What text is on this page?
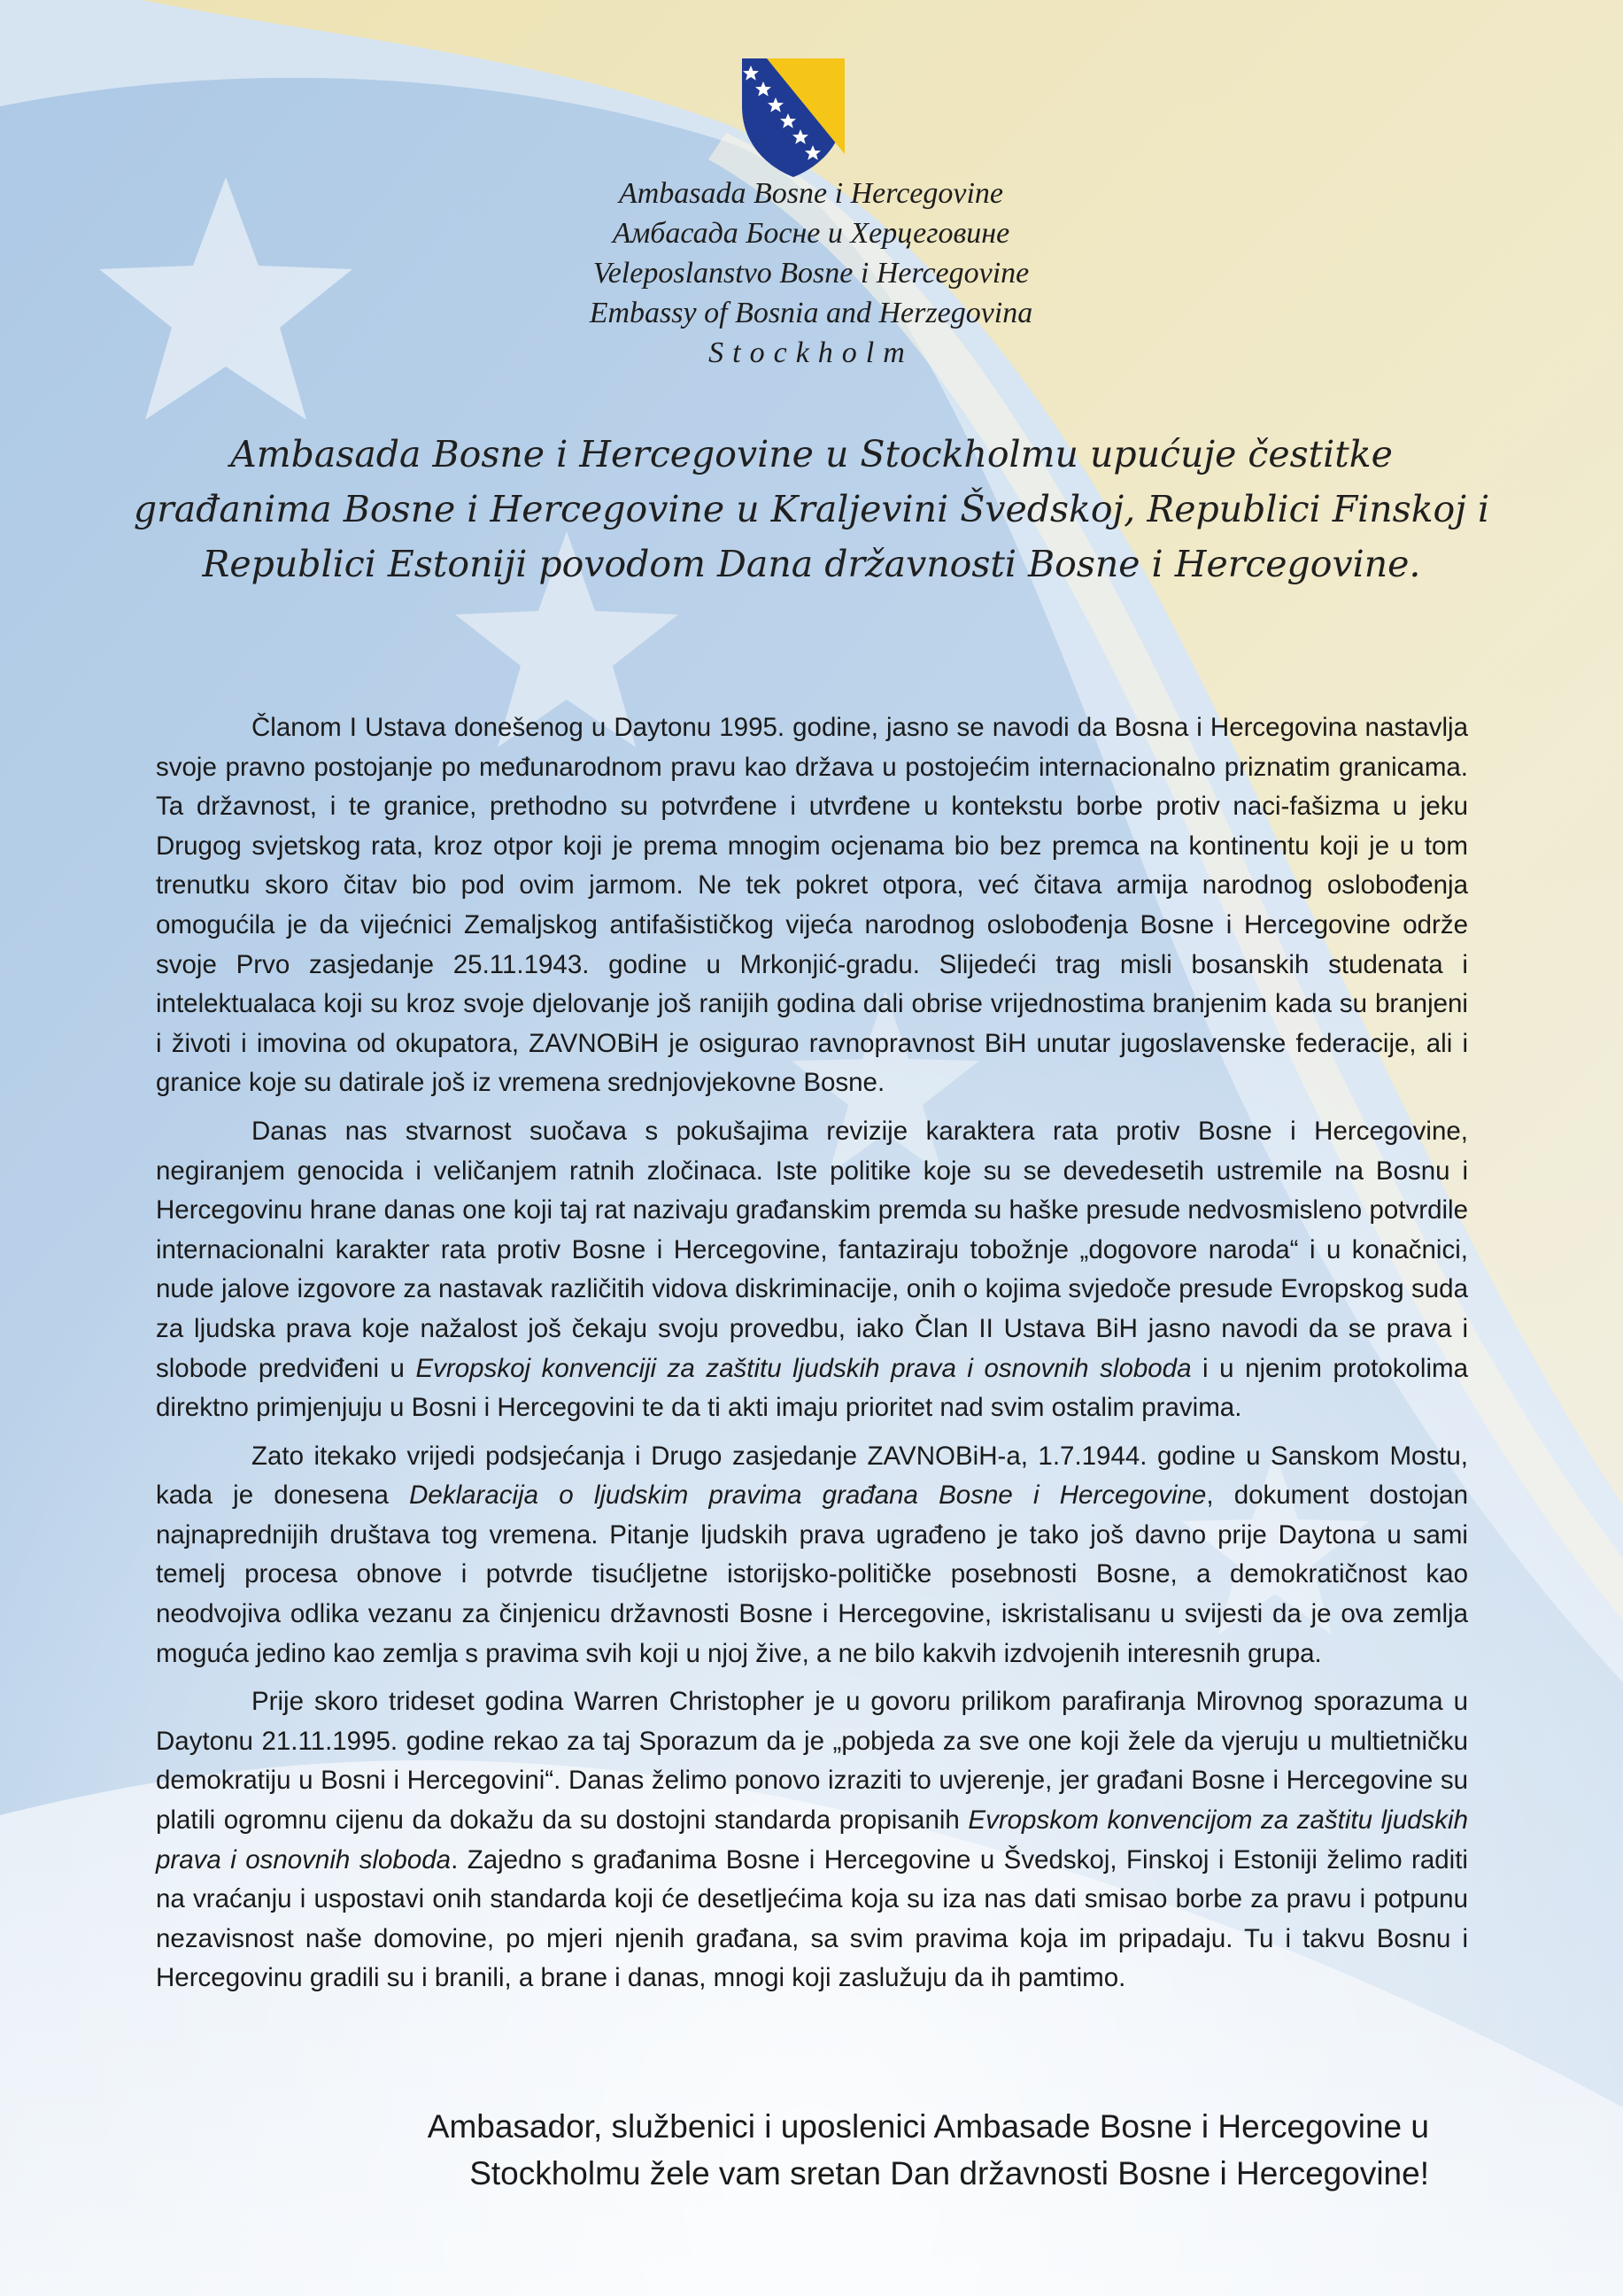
Ambasada Bosne i Hercegovine
Амбасада Босне и Херцеговине
Veleposlanstvo Bosne i Hercegovine
Embassy of Bosnia and Herzegovina
Stockholm
Ambasada Bosne i Hercegovine u Stockholmu upućuje čestitke građanima Bosne i Hercegovine u Kraljevini Švedskoj, Republici Finskoj i Republici Estoniji povodom Dana državnosti Bosne i Hercegovine.

Članom I Ustava donešenog u Daytonu 1995. godine, jasno se navodi da Bosna i Hercegovina nastavlja svoje pravno postojanje po međunarodnom pravu kao država u postojećim internacionalno priznatim granicama. Ta državnost, i te granice, prethodno su potvrđene i utvrđene u kontekstu borbe protiv naci-fašizma u jeku Drugog svjetskog rata, kroz otpor koji je prema mnogim ocjenama bio bez premca na kontinentu koji je u tom trenutku skoro čitav bio pod ovim jarmom. Ne tek pokret otpora, već čitava armija narodnog oslobođenja omogućila je da vijećnici Zemaljskog antifašističkog vijeća narodnog oslobođenja Bosne i Hercegovine održe svoje Prvo zasjedanje 25.11.1943. godine u Mrkonjić-gradu. Slijedeći trag misli bosanskih studenata i intelektualaca koji su kroz svoje djelovanje još ranijih godina dali obrise vrijednostima branjenim kada su branjeni i životi i imovina od okupatora, ZAVNOBiH je osigurao ravnopravnost BiH unutar jugoslavenske federacije, ali i granice koje su datirale još iz vremena srednjovjekovne Bosne.

Danas nas stvarnost suočava s pokušajima revizije karaktera rata protiv Bosne i Hercegovine, negiranjem genocida i veličanjem ratnih zločinaca. Iste politike koje su se devedesetih ustremile na Bosnu i Hercegovinu hrane danas one koji taj rat nazivaju građanskim premda su haške presude nedvosmisleno potvrdile internacionalni karakter rata protiv Bosne i Hercegovine, fantaziraju tobožnje „dogovore naroda“ i u konačnici, nude jalove izgovore za nastavak različitih vidova diskriminacije, onih o kojima svjedoče presude Evropskog suda za ljudska prava koje nažalost još čekaju svoju provedbu, iako Član II Ustava BiH jasno navodi da se prava i slobode predviđeni u Evropskoj konvenciji za zaštitu ljudskih prava i osnovnih sloboda i u njenim protokolima direktno primjenjuju u Bosni i Hercegovini te da ti akti imaju prioritet nad svim ostalim pravima.

Zato itekako vrijedi podsjećanja i Drugo zasjedanje ZAVNOBiH-a, 1.7.1944. godine u Sanskom Mostu, kada je donesena Deklaracija o ljudskim pravima građana Bosne i Hercegovine, dokument dostojan najnaprednijih društava tog vremena. Pitanje ljudskih prava ugrađeno je tako još davno prije Daytona u sami temelj procesa obnove i potvrde tisućljetne istorijsko-političke posebnosti Bosne, a demokratičnost kao neodvojiva odlika vezanu za činjenicu državnosti Bosne i Hercegovine, iskristalisanu u svijesti da je ova zemlja moguća jedino kao zemlja s pravima svih koji u njoj žive, a ne bilo kakvih izdvojenih interesnih grupa.

Prije skoro trideset godina Warren Christopher je u govoru prilikom parafiranja Mirovnog sporazuma u Daytonu 21.11.1995. godine rekao za taj Sporazum da je „pobjeda za sve one koji žele da vjeruju u multietničku demokratiju u Bosni i Hercegovini“. Danas želimo ponovo izraziti to uvjerenje, jer građani Bosne i Hercegovine su platili ogromnu cijenu da dokažu da su dostojni standarda propisanih Evropskom konvencijom za zaštitu ljudskih prava i osnovnih sloboda. Zajedno s građanima Bosne i Hercegovine u Švedskoj, Finskoj i Estoniji želimo raditi na vraćanju i uspostavi onih standarda koji će desetljećima koja su iza nas dati smisao borbe za pravu i potpunu nezavisnost naše domovine, po mjeri njenih građana, sa svim pravima koja im pripadaju. Tu i takvu Bosnu i Hercegovinu gradili su i branili, a brane i danas, mnogi koji zaslužuju da ih pamtimo.

Ambasador, službenici i uposlenici Ambasade Bosne i Hercegovine u
Stockholmu žele vam sretan Dan državnosti Bosne i Hercegovine!
